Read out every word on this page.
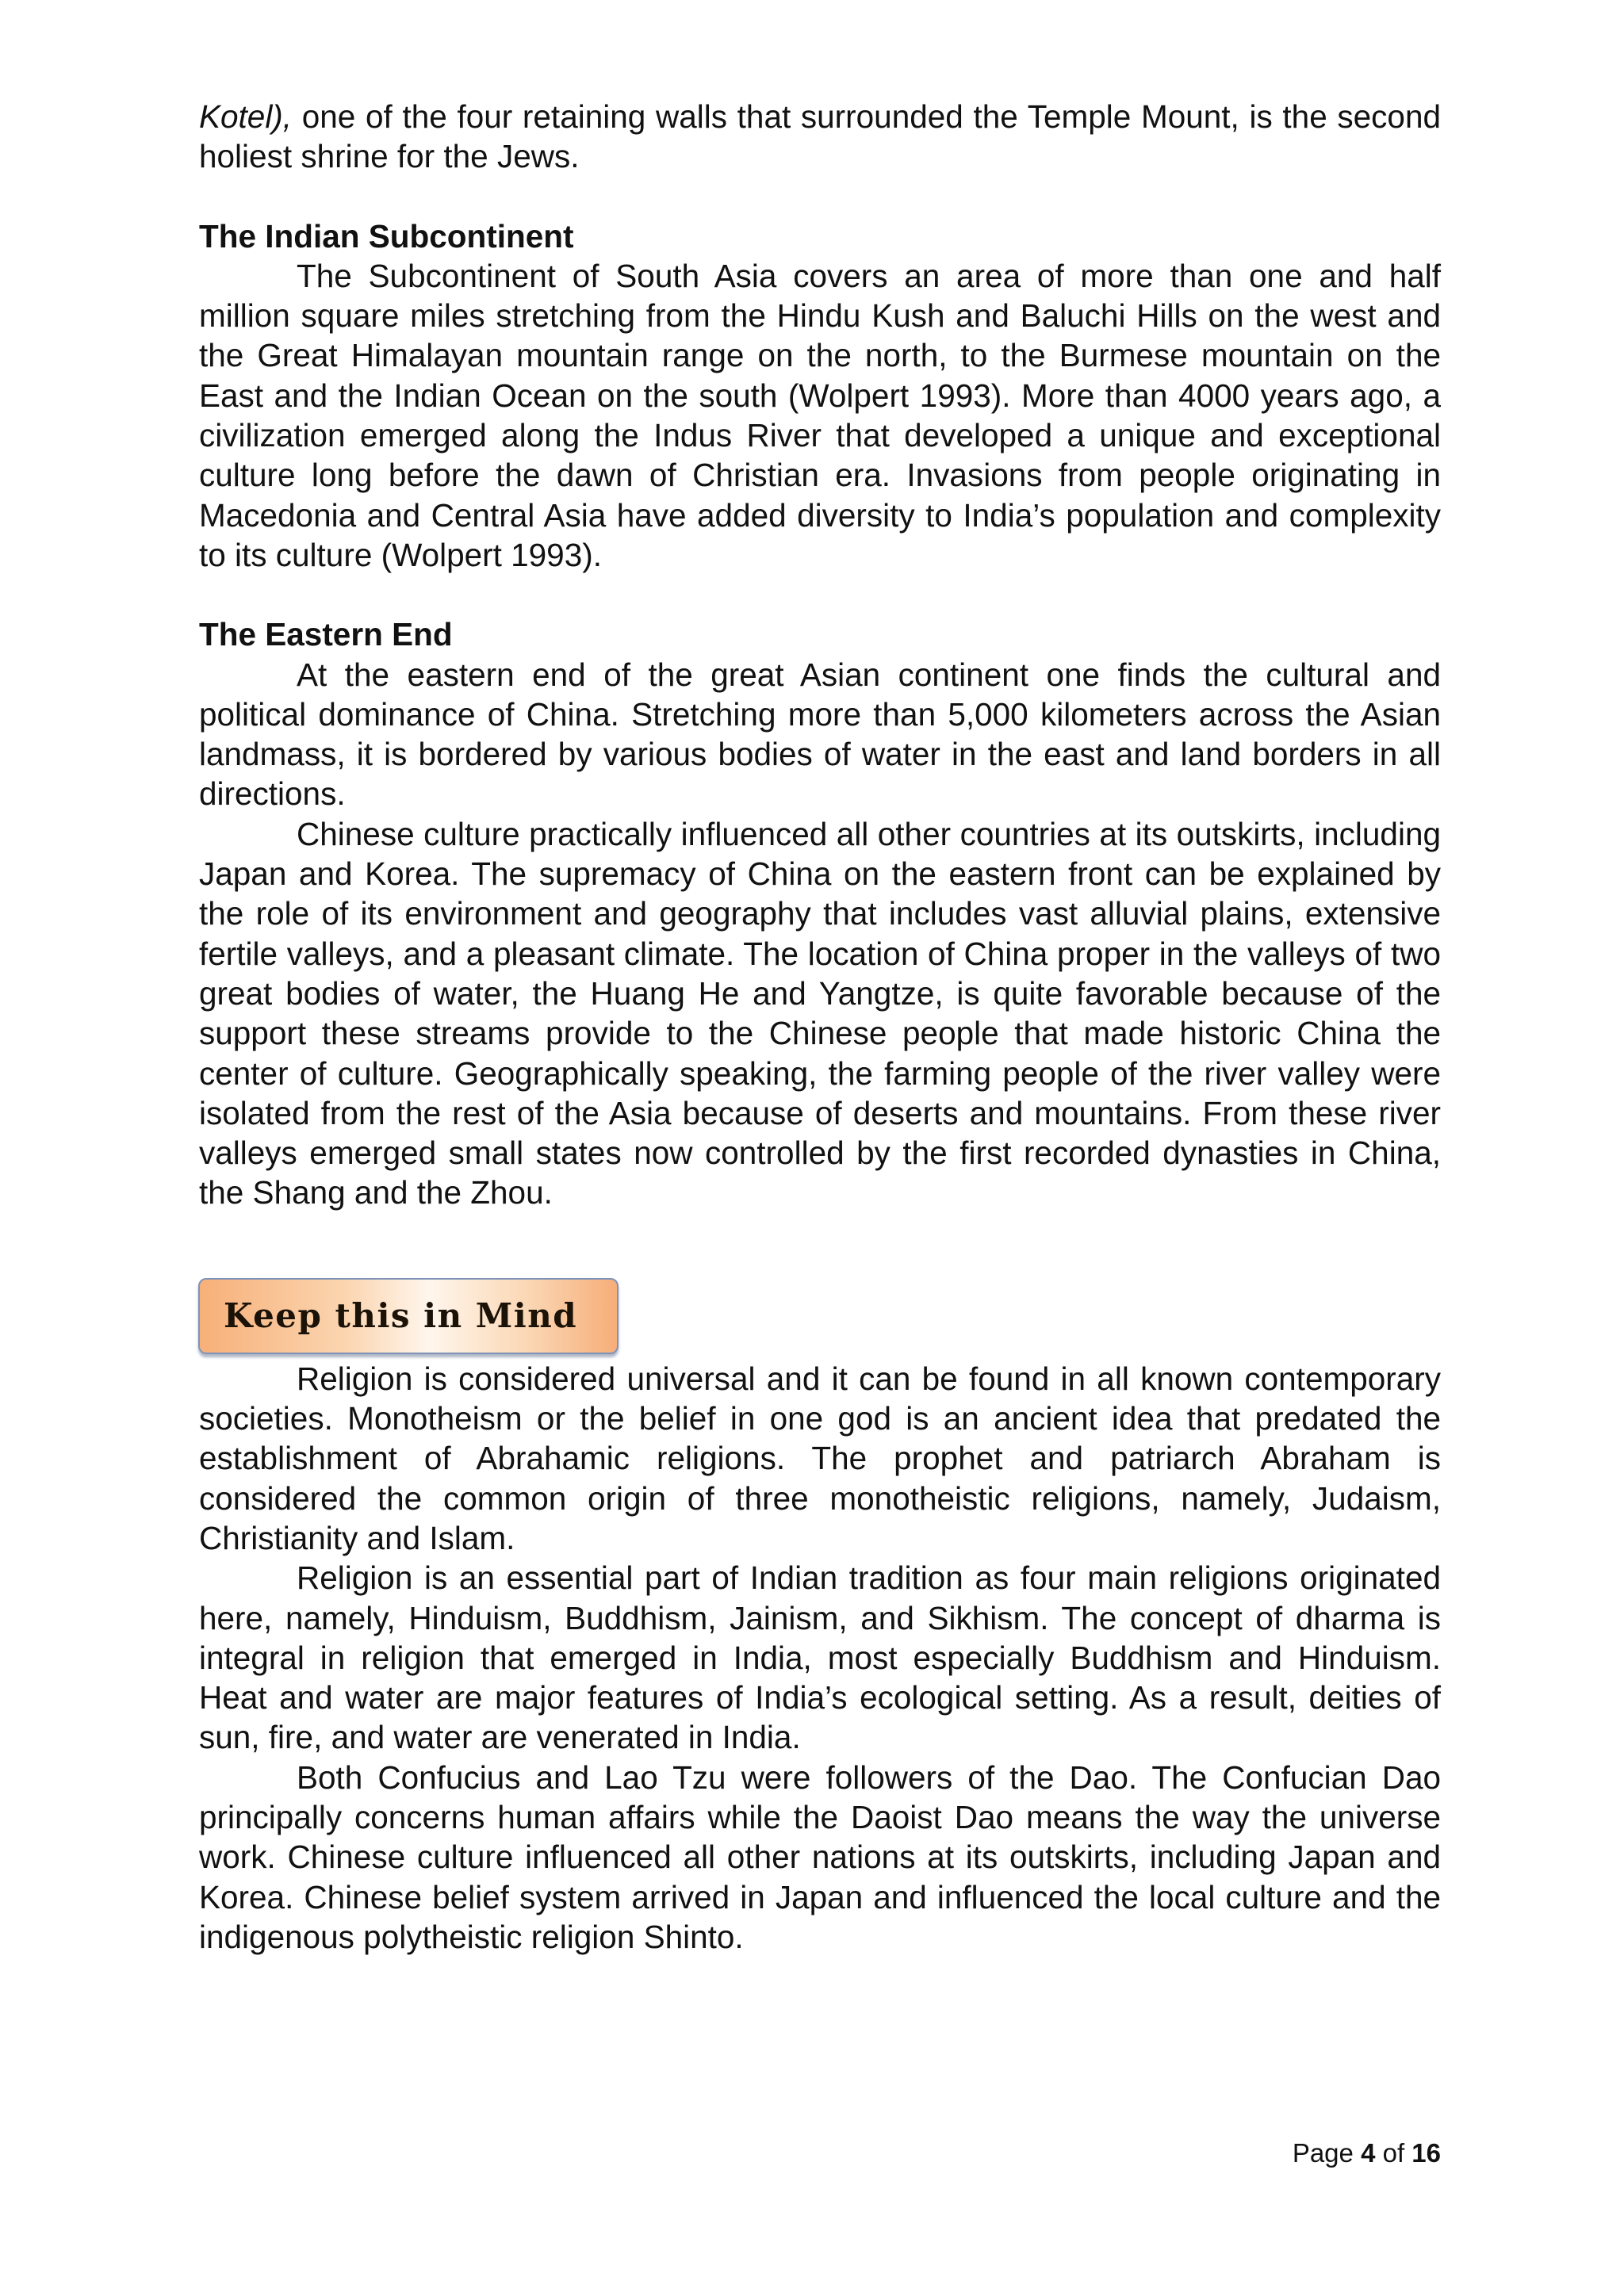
Kotel), one of the four retaining walls that surrounded the Temple Mount, is the second holiest shrine for the Jews.

The Indian Subcontinent

The Subcontinent of South Asia covers an area of more than one and half million square miles stretching from the Hindu Kush and Baluchi Hills on the west and the Great Himalayan mountain range on the north, to the Burmese mountain on the East and the Indian Ocean on the south (Wolpert 1993). More than 4000 years ago, a civilization emerged along the Indus River that developed a unique and exceptional culture long before the dawn of Christian era. Invasions from people originating in Macedonia and Central Asia have added diversity to India’s population and complexity to its culture (Wolpert 1993).

The Eastern End

At the eastern end of the great Asian continent one finds the cultural and political dominance of China. Stretching more than 5,000 kilometers across the Asian landmass, it is bordered by various bodies of water in the east and land borders in all directions.

Chinese culture practically influenced all other countries at its outskirts, including Japan and Korea. The supremacy of China on the eastern front can be explained by the role of its environment and geography that includes vast alluvial plains, extensive fertile valleys, and a pleasant climate. The location of China proper in the valleys of two great bodies of water, the Huang He and Yangtze, is quite favorable because of the support these streams provide to the Chinese people that made historic China the center of culture. Geographically speaking, the farming people of the river valley were isolated from the rest of the Asia because of deserts and mountains. From these river valleys emerged small states now controlled by the first recorded dynasties in China, the Shang and the Zhou.

Keep this in Mind

Religion is considered universal and it can be found in all known contemporary societies. Monotheism or the belief in one god is an ancient idea that predated the establishment of Abrahamic religions. The prophet and patriarch Abraham is considered the common origin of three monotheistic religions, namely, Judaism, Christianity and Islam.

Religion is an essential part of Indian tradition as four main religions originated here, namely, Hinduism, Buddhism, Jainism, and Sikhism. The concept of dharma is integral in religion that emerged in India, most especially Buddhism and Hinduism. Heat and water are major features of India’s ecological setting. As a result, deities of sun, fire, and water are venerated in India.

Both Confucius and Lao Tzu were followers of the Dao. The Confucian Dao principally concerns human affairs while the Daoist Dao means the way the universe work. Chinese culture influenced all other nations at its outskirts, including Japan and Korea. Chinese belief system arrived in Japan and influenced the local culture and the indigenous polytheistic religion Shinto.

Page 4 of 16
